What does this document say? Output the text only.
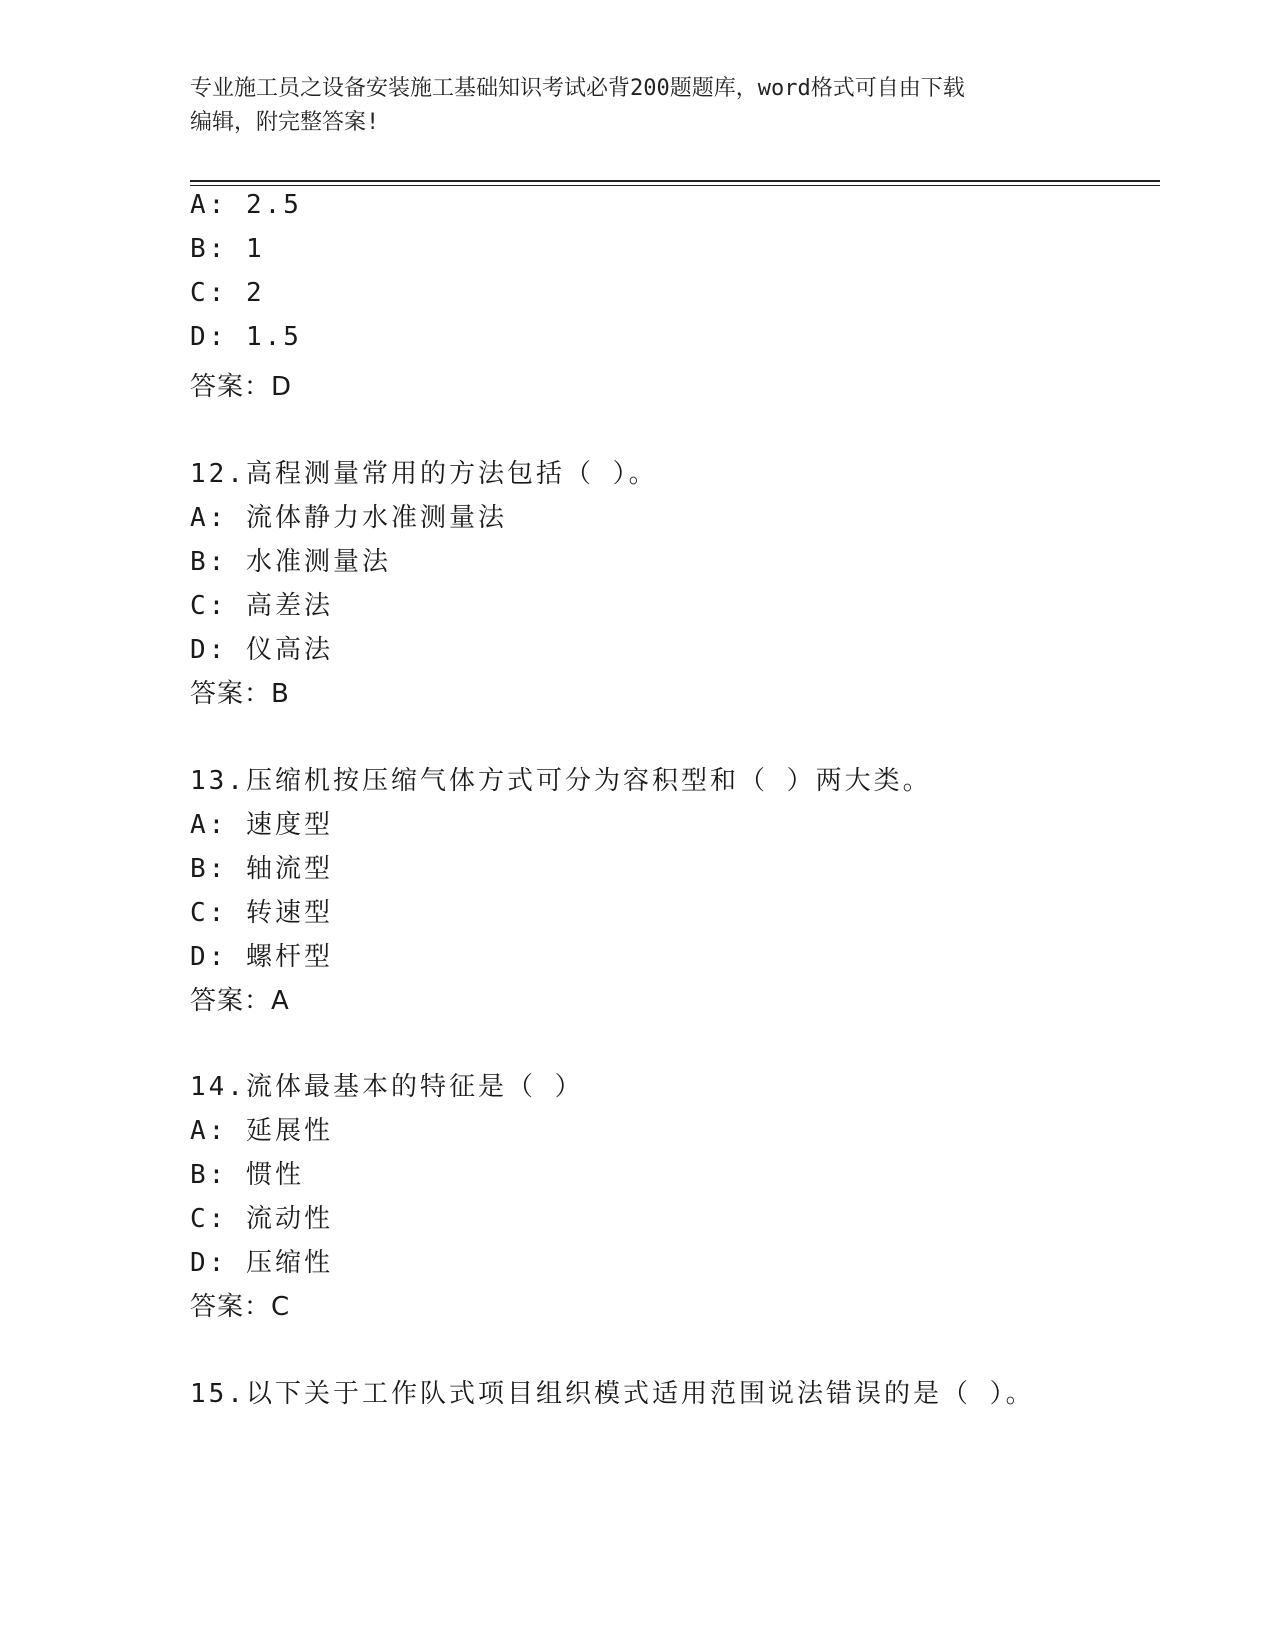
专业施工员之设备安装施工基础知识考试必背200题题库，word格式可自由下载
编辑，附完整答案!
A: 2.5
B: 1
C: 2
D: 1.5
答案：D
12.高程测量常用的方法包括（ ）。
A: 流体静力水准测量法
B: 水准测量法
C: 高差法
D: 仪高法
答案：B
13.压缩机按压缩气体方式可分为容积型和（ ）两大类。
A: 速度型
B: 轴流型
C: 转速型
D: 螺杆型
答案：A
14.流体最基本的特征是（ ）
A: 延展性
B: 惯性
C: 流动性
D: 压缩性
答案：C
15.以下关于工作队式项目组织模式适用范围说法错误的是（ ）。
